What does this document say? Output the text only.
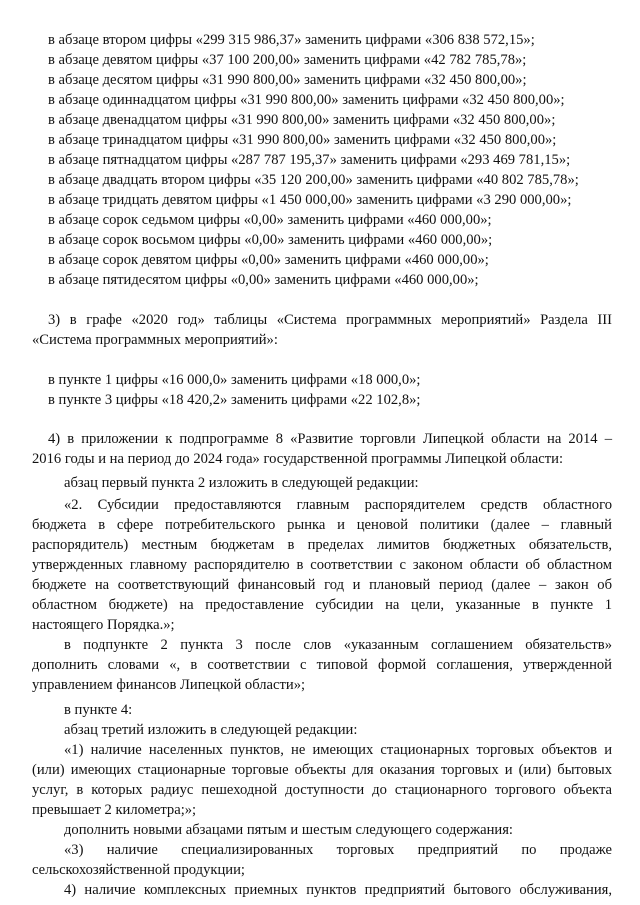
в абзаце втором цифры «299 315 986,37» заменить цифрами «306 838 572,15»;
в абзаце девятом цифры «37 100 200,00» заменить цифрами «42 782 785,78»;
в абзаце десятом цифры «31 990 800,00» заменить цифрами «32 450 800,00»;
в абзаце одиннадцатом цифры «31 990 800,00» заменить цифрами «32 450 800,00»;
в абзаце двенадцатом цифры «31 990 800,00» заменить цифрами «32 450 800,00»;
в абзаце тринадцатом цифры «31 990 800,00» заменить цифрами «32 450 800,00»;
в абзаце пятнадцатом цифры «287 787 195,37» заменить цифрами «293 469 781,15»;
в абзаце двадцать втором цифры «35 120 200,00» заменить цифрами «40 802 785,78»;
в абзаце тридцать девятом цифры «1 450 000,00» заменить цифрами «3 290 000,00»;
в абзаце сорок седьмом цифры «0,00» заменить цифрами «460 000,00»;
в абзаце сорок восьмом цифры «0,00» заменить цифрами «460 000,00»;
в абзаце сорок девятом цифры «0,00» заменить цифрами «460 000,00»;
в абзаце пятидесятом цифры «0,00» заменить цифрами «460 000,00»;
3) в графе «2020 год» таблицы «Система программных мероприятий» Раздела III
«Система программных мероприятий»:
в пункте 1 цифры «16 000,0» заменить цифрами «18 000,0»;
в пункте 3 цифры «18 420,2» заменить цифрами «22 102,8»;
4) в приложении к подпрограмме 8 «Развитие торговли Липецкой области на 2014 –
2016 годы и на период до 2024 года» государственной программы Липецкой области:
абзац первый пункта 2 изложить в следующей редакции:
«2. Субсидии предоставляются главным распорядителем средств областного
бюджета в сфере потребительского рынка и ценовой политики (далее – главный
распорядитель) местным бюджетам в пределах лимитов бюджетных обязательств,
утвержденных главному распорядителю в соответствии с законом области об областном
бюджете на соответствующий финансовый год и плановый период (далее – закон об
областном бюджете) на предоставление субсидии на цели, указанные в пункте 1
настоящего Порядка.»;
в подпункте 2 пункта 3 после слов «указанным соглашением обязательств»
дополнить словами «, в соответствии с типовой формой соглашения, утвержденной
управлением финансов Липецкой области»;
в пункте 4:
абзац третий изложить в следующей редакции:
«1) наличие населенных пунктов, не имеющих стационарных торговых объектов и
(или) имеющих стационарные торговые объекты для оказания торговых и (или) бытовых
услуг, в которых радиус пешеходной доступности до стационарного торгового объекта
превышает 2 километра;»;
дополнить новыми абзацами пятым и шестым следующего содержания:
«3) наличие специализированных торговых предприятий по продаже
сельскохозяйственной продукции;
4) наличие комплексных приемных пунктов предприятий бытового обслуживания,
